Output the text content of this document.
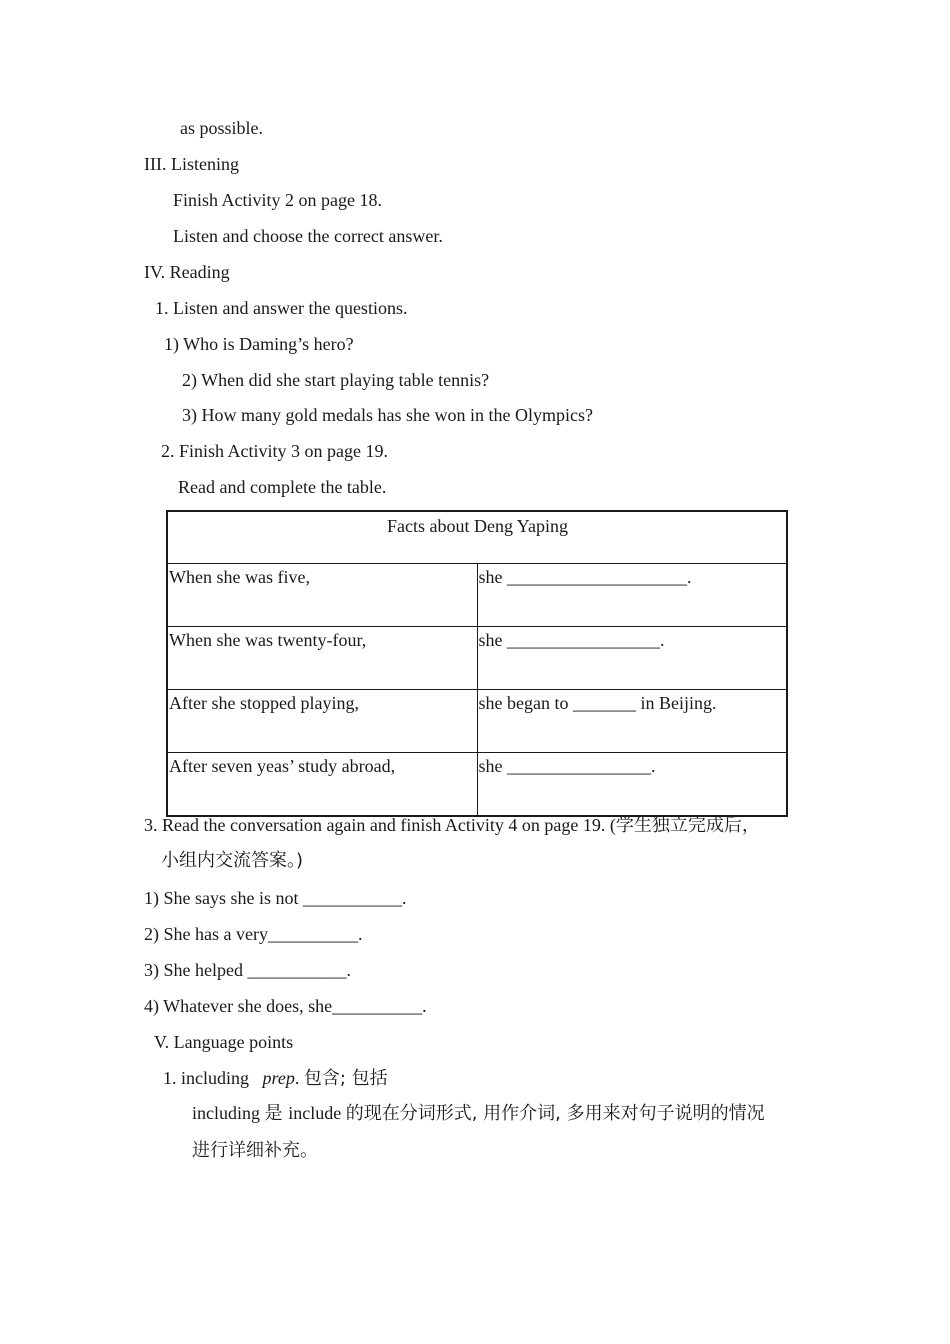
as possible.
III. Listening
Finish Activity 2 on page 18.
Listen and choose the correct answer.
IV. Reading
1. Listen and answer the questions.
1) Who is Daming’s hero?
2) When did she start playing table tennis?
3) How many gold medals has she won in the Olympics?
2. Finish Activity 3 on page 19.
Read and complete the table.
Facts about Deng Yaping	
When she was five,	she ____________________.
When she was twenty-four,	she _________________.
After she stopped playing,	she began to _______ in Beijing.
After seven yeas’ study abroad,	she ________________.
3. Read the conversation again and finish Activity 4 on page 19. (学生独立完成后，
小组内交流答案。)
1) She says she is not ___________.
2) She has a very__________.
3) She helped ___________.
4) Whatever she does, she__________.
V. Language points
1. including prep. 包含; 包括
including 是 include 的现在分词形式, 用作介词, 多用来对句子说明的情况
进行详细补充。
